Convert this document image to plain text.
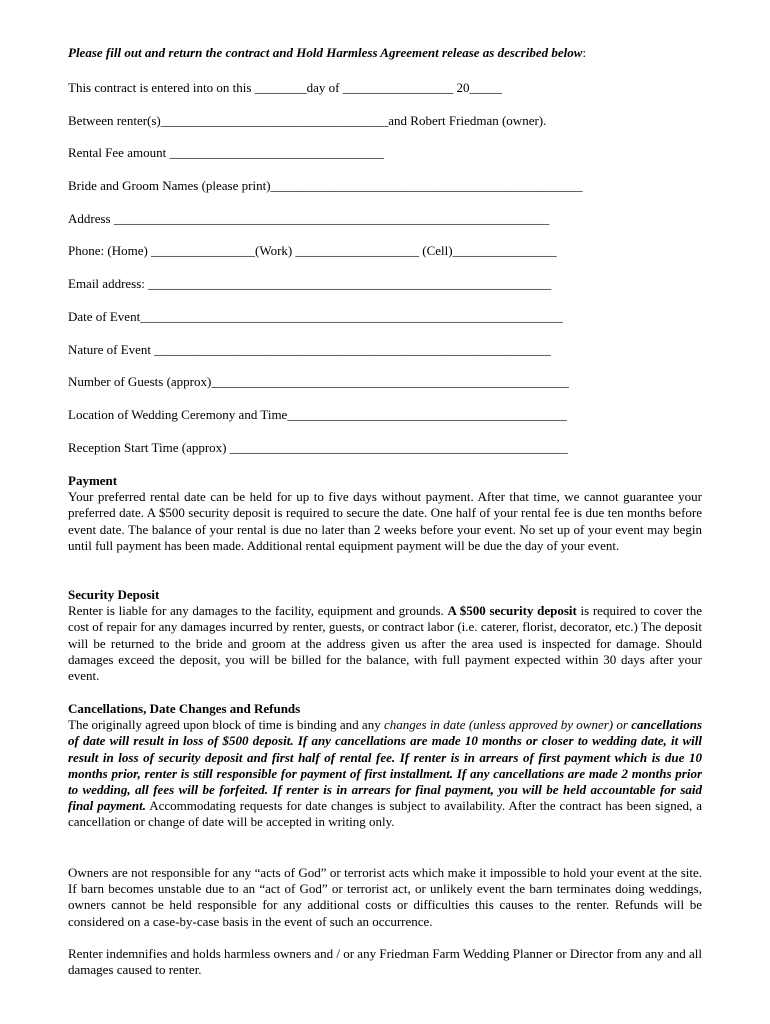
Please fill out and return the contract and Hold Harmless Agreement release as described below:
This contract is entered into on this ________day of _________________ 20_____
Between renter(s)___________________________________and Robert Friedman (owner).
Rental Fee amount _________________________________
Bride and Groom Names (please print)________________________________________________
Address ___________________________________________________________________
Phone: (Home) ________________(Work) ___________________ (Cell)________________
Email address: ______________________________________________________________
Date of Event_________________________________________________________________
Nature of Event _____________________________________________________________
Number of Guests (approx)_______________________________________________________
Location of Wedding Ceremony and Time___________________________________________
Reception Start Time (approx) ____________________________________________________
Payment

Your preferred rental date can be held for up to five days without payment. After that time, we cannot guarantee your preferred date. A $500 security deposit is required to secure the date. One half of your rental fee is due ten months before event date. The balance of your rental is due no later than 2 weeks before your event. No set up of your event may begin until full payment has been made. Additional rental equipment payment will be due the day of your event.

Security Deposit

Renter is liable for any damages to the facility, equipment and grounds. A $500 security deposit is required to cover the cost of repair for any damages incurred by renter, guests, or contract labor (i.e. caterer, florist, decorator, etc.) The deposit will be returned to the bride and groom at the address given us after the area used is inspected for damage. Should damages exceed the deposit, you will be billed for the balance, with full payment expected within 30 days after your event.

Cancellations, Date Changes and Refunds

The originally agreed upon block of time is binding and any changes in date (unless approved by owner) or cancellations of date will result in loss of $500 deposit. If any cancellations are made 10 months or closer to wedding date, it will result in loss of security deposit and first half of rental fee. If renter is in arrears of first payment which is due 10 months prior, renter is still responsible for payment of first installment. If any cancellations are made 2 months prior to wedding, all fees will be forfeited. If renter is in arrears for final payment, you will be held accountable for said final payment. Accommodating requests for date changes is subject to availability. After the contract has been signed, a cancellation or change of date will be accepted in writing only.

Owners are not responsible for any “acts of God” or terrorist acts which make it impossible to hold your event at the site. If barn becomes unstable due to an “act of God” or terrorist act, or unlikely event the barn terminates doing weddings, owners cannot be held responsible for any additional costs or difficulties this causes to the renter. Refunds will be considered on a case-by-case basis in the event of such an occurrence.

Renter indemnifies and holds harmless owners and / or any Friedman Farm Wedding Planner or Director from any and all damages caused to renter.
